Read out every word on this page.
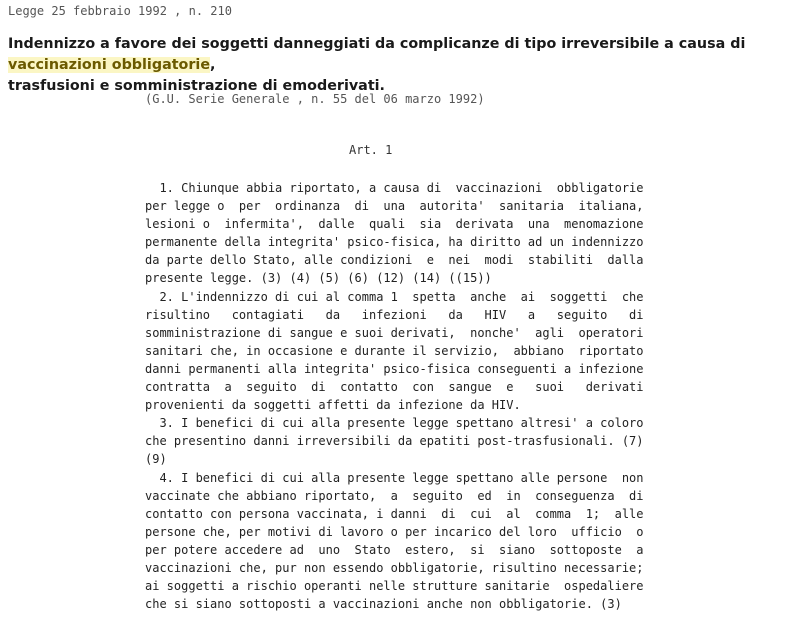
Legge 25 febbraio 1992 , n. 210
Indennizzo a favore dei soggetti danneggiati da complicanze di tipo irreversibile a causa di vaccinazioni obbligatorie,
trasfusioni e somministrazione di emoderivati.
(G.U. Serie Generale , n. 55 del 06 marzo 1992)
Art. 1
1. Chiunque abbia riportato, a causa di  vaccinazioni  obbligatorie
per legge o  per  ordinanza  di  una  autorita'  sanitaria  italiana,
lesioni o  infermita',  dalle  quali  sia  derivata  una  menomazione
permanente della integrita' psico-fisica, ha diritto ad un indennizzo
da parte dello Stato, alle condizioni  e  nei  modi  stabiliti  dalla
presente legge. (3) (4) (5) (6) (12) (14) ((15))
2. L'indennizzo di cui al comma 1  spetta  anche  ai  soggetti  che
risultino   contagiati   da   infezioni   da   HIV   a   seguito   di
somministrazione di sangue e suoi derivati,  nonche'  agli  operatori
sanitari che, in occasione e durante il servizio,  abbiano  riportato
danni permanenti alla integrita' psico-fisica conseguenti a infezione
contratta  a  seguito  di  contatto  con  sangue  e   suoi   derivati
provenienti da soggetti affetti da infezione da HIV.
3. I benefici di cui alla presente legge spettano altresi' a coloro
che presentino danni irreversibili da epatiti post-trasfusionali. (7)
(9)
4. I benefici di cui alla presente legge spettano alle persone  non
vaccinate che abbiano riportato,  a  seguito  ed  in  conseguenza  di
contatto con persona vaccinata, i danni  di  cui  al  comma  1;  alle
persone che, per motivi di lavoro o per incarico del loro  ufficio  o
per potere accedere ad  uno  Stato  estero,  si  siano  sottoposte  a
vaccinazioni che, pur non essendo obbligatorie, risultino necessarie;
ai soggetti a rischio operanti nelle strutture sanitarie  ospedaliere
che si siano sottoposti a vaccinazioni anche non obbligatorie. (3)
